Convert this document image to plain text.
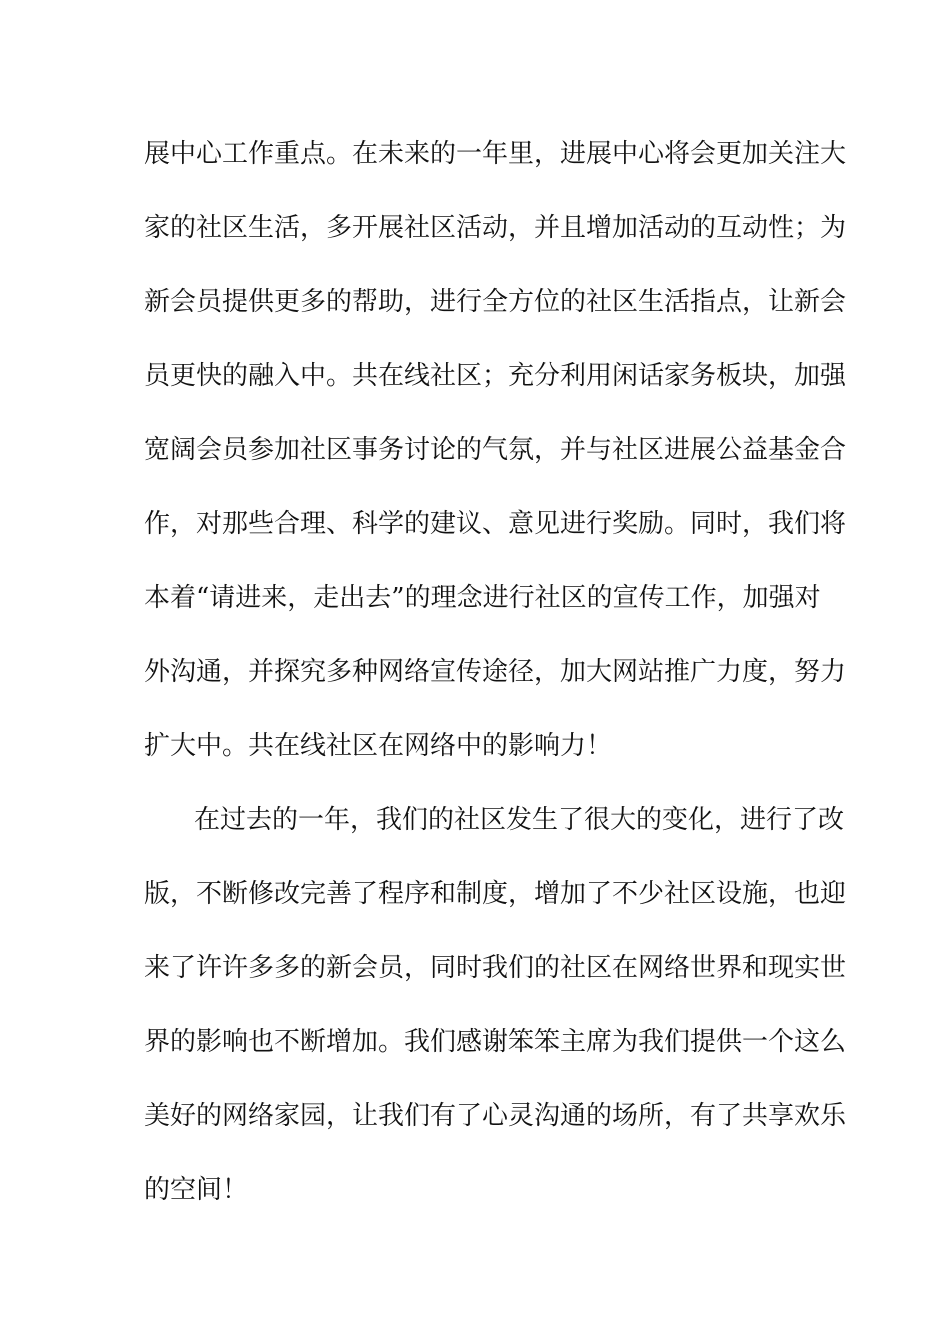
展中心工作重点。在未来的一年里，进展中心将会更加关注大
家的社区生活，多开展社区活动，并且增加活动的互动性；为
新会员提供更多的帮助，进行全方位的社区生活指点，让新会
员更快的融入中。共在线社区；充分利用闲话家务板块，加强
宽阔会员参加社区事务讨论的气氛，并与社区进展公益基金合
作，对那些合理、科学的建议、意见进行奖励。同时，我们将
本着“请进来，走出去”的理念进行社区的宣传工作，加强对
外沟通，并探究多种网络宣传途径，加大网站推广力度，努力
扩大中。共在线社区在网络中的影响力！
在过去的一年，我们的社区发生了很大的变化，进行了改
版，不断修改完善了程序和制度，增加了不少社区设施，也迎
来了许许多多的新会员，同时我们的社区在网络世界和现实世
界的影响也不断增加。我们感谢笨笨主席为我们提供一个这么
美好的网络家园，让我们有了心灵沟通的场所，有了共享欢乐
的空间！
